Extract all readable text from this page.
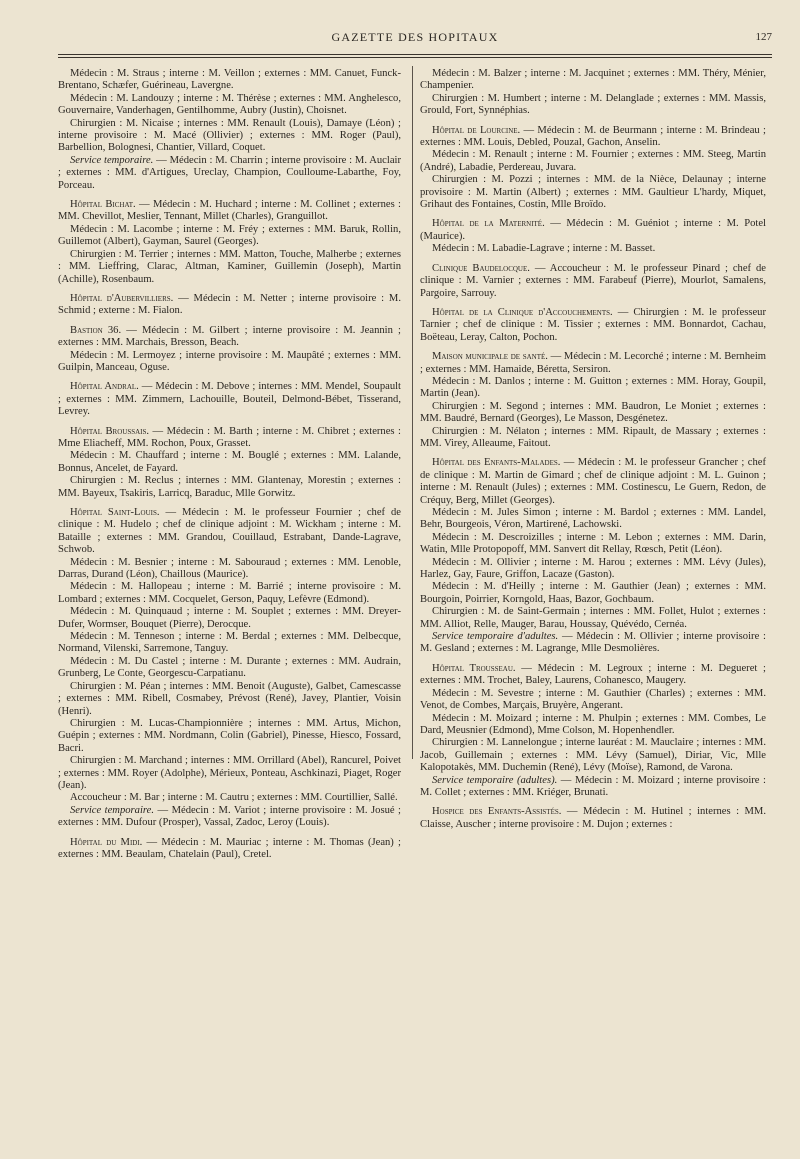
GAZETTE DES HOPITAUX	127

Médecin : M. Straus ; interne : M. Veillon ; externes : MM. Canuet, Funck-Brentano, Schæfer, Guérineau, Lavergne.

Médecin : M. Landouzy ; interne : M. Thérèse ; externes : MM. Anghelesco, Gouvernaire, Vanderhagen, Gentilhomme, Aubry (Justin), Choisnet.

Chirurgien : M. Nicaise ; internes : MM. Renault (Louis), Damaye (Léon) ; interne provisoire : M. Macé (Ollivier) ; externes : MM. Roger (Paul), Barbellion, Bolognesi, Chantier, Villard, Coquet.

Service temporaire. — Médecin : M. Charrin ; interne provisoire : M. Auclair ; externes : MM. d'Artigues, Ureclay, Champion, Coulloume-Labarthe, Foy, Porceau.

Hôpital Bichat. — Médecin : M. Huchard ; interne : M. Collinet ; externes : MM. Chevillot, Meslier, Tennant, Millet (Charles), Granguillot.

Médecin : M. Lacombe ; interne : M. Fréy ; externes : MM. Baruk, Rollin, Guillemot (Albert), Gayman, Saurel (Georges).

Chirurgien : M. Terrier ; internes : MM. Matton, Touche, Malherbe ; externes : MM. Lieffring, Clarac, Altman, Kaminer, Guillemin (Joseph), Martin (Achille), Rosenbaum.

Hôpital d'Aubervilliers. — Médecin : M. Netter ; interne provisoire : M. Schmid ; externe : M. Fialon.

Bastion 36. — Médecin : M. Gilbert ; interne provisoire : M. Jeannin ; externes : MM. Marchais, Bresson, Beach.

Médecin : M. Lermoyez ; interne provisoire : M. Maupâté ; externes : MM. Guilpin, Manceau, Oguse.

Hôpital Andral. — Médecin : M. Debove ; internes : MM. Mendel, Soupault ; externes : MM. Zimmern, Lachouille, Bouteil, Delmond-Bébet, Tisserand, Levrey.

Hôpital Broussais. — Médecin : M. Barth ; interne : M. Chibret ; externes : Mme Eliacheff, MM. Rochon, Poux, Grasset.

Médecin : M. Chauffard ; interne : M. Bouglé ; externes : MM. Lalande, Bonnus, Ancelet, de Fayard.

Chirurgien : M. Reclus ; internes : MM. Glantenay, Morestin ; externes : MM. Bayeux, Tsakiris, Larricq, Baraduc, Mlle Gorwitz.

Hôpital Saint-Louis. — Médecin : M. le professeur Fournier ; chef de clinique : M. Hudelo ; chef de clinique adjoint : M. Wickham ; interne : M. Bataille ; externes : MM. Grandou, Couillaud, Estrabant, Dande-Lagrave, Schwob.

Médecin : M. Besnier ; interne : M. Sabouraud ; externes : MM. Lenoble, Darras, Durand (Léon), Chaillous (Maurice).

Médecin : M. Hallopeau ; interne : M. Barrié ; interne provisoire : M. Lombard ; externes : MM. Cocquelet, Gerson, Paquy, Lefèvre (Edmond).

Médecin : M. Quinquaud ; interne : M. Souplet ; externes : MM. Dreyer-Dufer, Wormser, Bouquet (Pierre), Derocque.

Médecin : M. Tenneson ; interne : M. Berdal ; externes : MM. Delbecque, Normand, Vilenski, Sarremone, Tanguy.

Médecin : M. Du Castel ; interne : M. Durante ; externes : MM. Audrain, Grunberg, Le Conte, Georgescu-Carpatianu.

Chirurgien : M. Péan ; internes : MM. Benoit (Auguste), Galbet, Camescasse ; externes : MM. Ribell, Cosmabey, Prévost (René), Javey, Plantier, Voisin (Henri).

Chirurgien : M. Lucas-Championnière ; internes : MM. Artus, Michon, Guépin ; externes : MM. Nordmann, Colin (Gabriel), Pinesse, Hiesco, Fossard, Bacri.

Chirurgien : M. Marchand ; internes : MM. Orrillard (Abel), Rancurel, Poivet ; externes : MM. Royer (Adolphe), Mérieux, Ponteau, Aschkinazi, Piaget, Roger (Jean).

Accoucheur : M. Bar ; interne : M. Cautru ; externes : MM. Courtillier, Sallé.

Service temporaire. — Médecin : M. Variot ; interne provisoire : M. Josué ; externes : MM. Dufour (Prosper), Vassal, Zadoc, Leroy (Louis).

Hôpital du Midi. — Médecin : M. Mauriac ; interne : M. Thomas (Jean) ; externes : MM. Beaulam, Chatelain (Paul), Cretel.

Médecin : M. Balzer ; interne : M. Jacquinet ; externes : MM. Théry, Ménier, Champenier.

Chirurgien : M. Humbert ; interne : M. Delanglade ; externes : MM. Massis, Grould, Fort, Synnéphias.

Hôpital de Lourcine. — Médecin : M. de Beurmann ; interne : M. Brindeau ; externes : MM. Louis, Debled, Pouzal, Gachon, Anselin.

Médecin : M. Renault ; interne : M. Fournier ; externes : MM. Steeg, Martin (André), Labadie, Perdereau, Juvara.

Chirurgien : M. Pozzi ; internes : MM. de la Nièce, Delaunay ; interne provisoire : M. Martin (Albert) ; externes : MM. Gaultieur L'hardy, Miquet, Grihaut des Fontaines, Costin, Mlle Broïdo.

Hôpital de la Maternité. — Médecin : M. Guéniot ; interne : M. Potel (Maurice).

Médecin : M. Labadie-Lagrave ; interne : M. Basset.

Clinique Baudelocque. — Accoucheur : M. le professeur Pinard ; chef de clinique : M. Varnier ; externes : MM. Farabeuf (Pierre), Mourlot, Samalens, Pargoire, Sarrouy.

Hôpital de la Clinique d'Accouchements. — Chirurgien : M. le professeur Tarnier ; chef de clinique : M. Tissier ; externes : MM. Bonnardot, Cachau, Boëteau, Leray, Calton, Pochon.

Maison municipale de santé. — Médecin : M. Lecorché ; interne : M. Bernheim ; externes : MM. Hamaide, Béretta, Sersiron.

Médecin : M. Danlos ; interne : M. Guitton ; externes : MM. Horay, Goupil, Martin (Jean).

Chirurgien : M. Segond ; internes : MM. Baudron, Le Moniet ; externes : MM. Baudré, Bernard (Georges), Le Masson, Desgénetez.

Chirurgien : M. Nélaton ; internes : MM. Ripault, de Massary ; externes : MM. Virey, Alleaume, Faitout.

Hôpital des Enfants-Malades. — Médecin : M. le professeur Grancher ; chef de clinique : M. Martin de Gimard ; chef de clinique adjoint : M. L. Guinon ; interne : M. Renault (Jules) ; externes : MM. Costinescu, Le Guern, Redon, de Créquy, Berg, Millet (Georges).

Médecin : M. Jules Simon ; interne : M. Bardol ; externes : MM. Landel, Behr, Bourgeois, Véron, Martirené, Lachowski.

Médecin : M. Descroizilles ; interne : M. Lebon ; externes : MM. Darin, Watin, Mlle Protopopoff, MM. Sanvert dit Rellay, Rœsch, Petit (Léon).

Médecin : M. Ollivier ; interne : M. Harou ; externes : MM. Lévy (Jules), Harlez, Gay, Faure, Griffon, Lacaze (Gaston).

Médecin : M. d'Heilly ; interne : M. Gauthier (Jean) ; externes : MM. Bourgoin, Poirrier, Korngold, Haas, Bazor, Gochbaum.

Chirurgien : M. de Saint-Germain ; internes : MM. Follet, Hulot ; externes : MM. Alliot, Relle, Mauger, Barau, Houssay, Quévédo, Cernéa.

Service temporaire d'adultes. — Médecin : M. Ollivier ; interne provisoire : M. Gesland ; externes : M. Lagrange, Mlle Desmolières.

Hôpital Trousseau. — Médecin : M. Legroux ; interne : M. Degueret ; externes : MM. Trochet, Baley, Laurens, Cohanesco, Maugery.

Médecin : M. Sevestre ; interne : M. Gauthier (Charles) ; externes : MM. Venot, de Combes, Marçais, Bruyère, Angerant.

Médecin : M. Moizard ; interne : M. Phulpin ; externes : MM. Combes, Le Dard, Meusnier (Edmond), Mme Colson, M. Hopenhendler.

Chirurgien : M. Lannelongue ; interne lauréat : M. Mauclaire ; internes : MM. Jacob, Guillemain ; externes : MM. Lévy (Samuel), Diriar, Vic, Mlle Kalopotakès, MM. Duchemin (René), Lévy (Moïse), Ramond, de Varona.

Service temporaire (adultes). — Médecin : M. Moizard ; interne provisoire : M. Collet ; externes : MM. Kriéger, Brunati.

Hospice des Enfants-Assistés. — Médecin : M. Hutinel ; internes : MM. Claisse, Auscher ; interne provisoire : M. Dujon ; externes :
